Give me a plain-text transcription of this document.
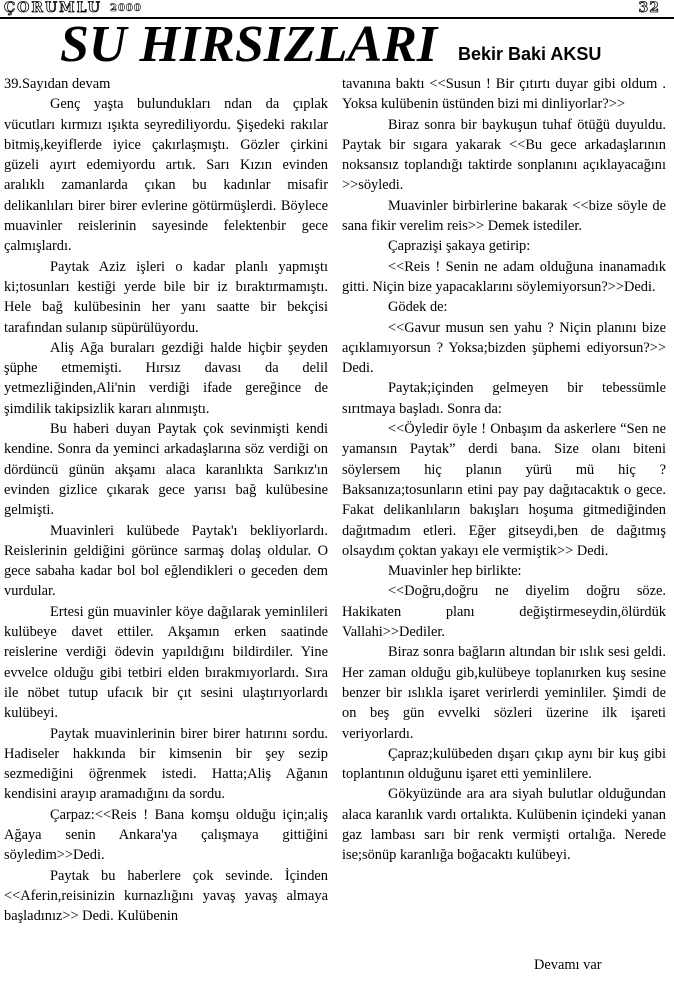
ÇORUMLU 2000	32
SU HIRSIZLARI Bekir Baki AKSU

39.Sayıdan devam

Genç yaşta bulundukları ndan da çıplak vücutları kırmızı ışıkta seyrediliyordu. Şişedeki rakılar bitmiş,keyiflerde iyice çakırlaşmıştı. Gözler çirkini güzeli ayırt edemiyordu artık. Sarı Kızın evinden aralıklı zamanlarda çıkan bu kadınlar misafir delikanlıları birer birer evlerine götürmüşlerdi. Böylece muavinler reislerinin sayesinde felektenbir gece çalmışlardı.

Paytak Aziz işleri o kadar planlı yapmıştı ki;tosunları kestiği yerde bile bir iz bıraktırmamıştı. Hele bağ kulübesinin her yanı saatte bir bekçisi tarafından sulanıp süpürülüyordu.

Aliş Ağa buraları gezdiği halde hiçbir şeyden şüphe etmemişti. Hırsız davası da delil yetmezliğinden,Ali'nin verdiği ifade gereğince de şimdilik takipsizlik kararı alınmıştı.

Bu haberi duyan Paytak çok sevinmişti kendi kendine. Sonra da yeminci arkadaşlarına söz verdiği on dördüncü günün akşamı alaca karanlıkta Sarıkız'ın evinden gizlice çıkarak gece yarısı bağ kulübesine gelmişti.

Muavinleri kulübede Paytak'ı bekliyorlardı. Reislerinin geldiğini görünce sarmaş dolaş oldular. O gece sabaha kadar bol bol eğlendikleri o geceden dem vurdular.

Ertesi gün muavinler köye dağılarak yeminlileri kulübeye davet ettiler. Akşamın erken saatinde reislerine verdiği ödevin yapıldığını bildirdiler. Yine evvelce olduğu gibi tetbiri elden bırakmıyorlardı. Sıra ile nöbet tutup ufacık bir çıt sesini ulaştırıyorlardı kulübeyi.

Paytak muavinlerinin birer birer hatırını sordu. Hadiseler hakkında bir kimsenin bir şey sezip sezmediğini öğrenmek istedi. Hatta;Aliş Ağanın kendisini arayıp aramadığını da sordu.

Çarpaz:<<Reis ! Bana komşu olduğu için;aliş Ağaya senin Ankara'ya çalışmaya gittiğini söyledim>>Dedi.

Paytak bu haberlere çok sevinde. İçinden <<Aferin,reisinizin kurnazlığını yavaş yavaş almaya başladınız>> Dedi. Kulübenin

tavanına baktı <<Susun ! Bir çıtırtı duyar gibi oldum . Yoksa kulübenin üstünden bizi mi dinliyorlar?>>

Biraz sonra bir baykuşun tuhaf ötüğü duyuldu. Paytak bir sıgara yakarak <<Bu gece arkadaşlarının noksansız toplandığı taktirde sonplanını açıklayacağını >>söyledi.

Muavinler birbirlerine bakarak <<bize söyle de sana fikir verelim reis>> Demek istediler.

Çaprazişi şakaya getirip:

<<Reis ! Senin ne adam olduğuna inanamadık gitti. Niçin bize yapacaklarını söylemiyorsun?>>Dedi.

Gödek de:

<<Gavur musun sen yahu ? Niçin planını bize açıklamıyorsun ? Yoksa;bizden şüphemi ediyorsun?>> Dedi.

Paytak;içinden gelmeyen bir tebessümle sırıtmaya başladı. Sonra da:

<<Öyledir öyle ! Onbaşım da askerlere “Sen ne yamansın Paytak” derdi bana. Size olanı biteni söylersem hiç planın yürü mü hiç ? Baksanıza;tosunların etini pay pay dağıtacaktık o gece. Fakat delikanlıların bakışları hoşuma gitmediğinden dağıtmadım etleri. Eğer gitseydi,ben de dağıtmış olsaydım çoktan yakayı ele vermiştik>> Dedi.

Muavinler hep birlikte:

<<Doğru,doğru ne diyelim doğru söze. Hakikaten planı değiştirmeseydin,ölürdük Vallahi>>Dediler.

Biraz sonra bağların altından bir ıslık sesi geldi. Her zaman olduğu gib,kulübeye toplanırken kuş sesine benzer bir ıslıkla işaret verirlerdi yeminliler. Şimdi de on beş gün evvelki sözleri üzerine ilk işareti veriyorlardı.

Çapraz;kulübeden dışarı çıkıp aynı bir kuş gibi toplantının olduğunu işaret etti yeminlilere.

Gökyüzünde ara ara siyah bulutlar olduğundan alaca karanlık vardı ortalıkta. Kulübenin içindeki yanan gaz lambası sarı bir renk vermişti ortalığa. Nerede ise;sönüp karanlığa boğacaktı kulübeyi.

Devamı var
